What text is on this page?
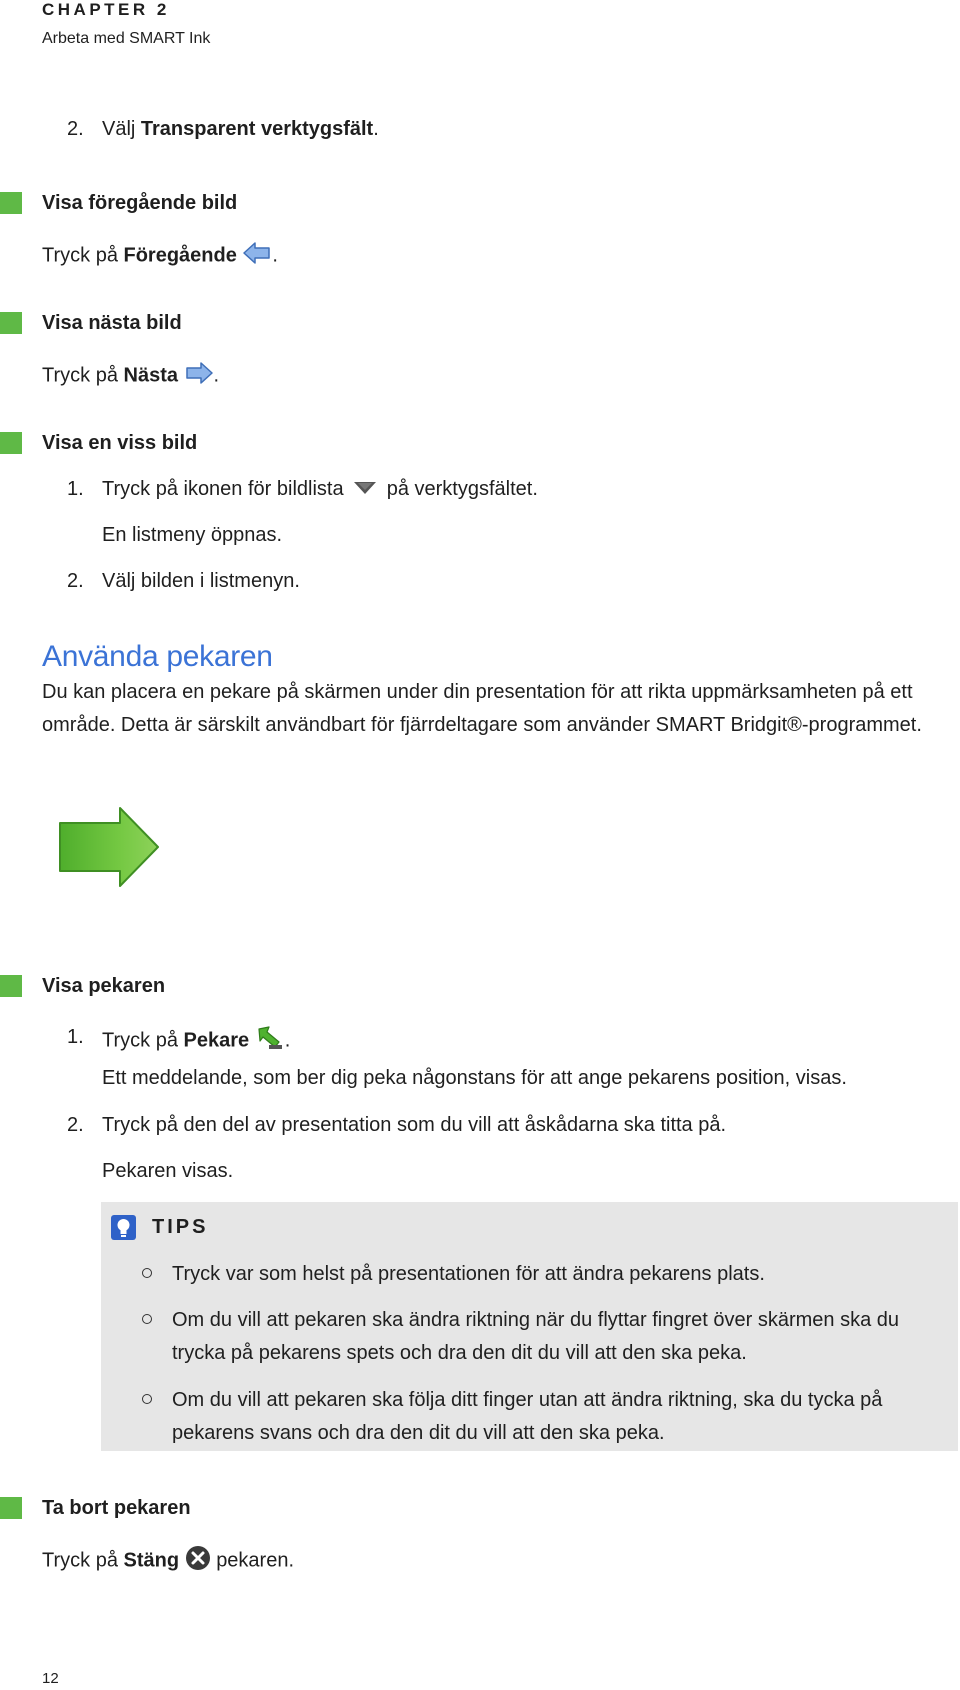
CHAPTER 2
Arbeta med SMART Ink
2. Välj Transparent verktygsfält.
Visa föregående bild
Tryck på Föregående .
Visa nästa bild
Tryck på Nästa .
Visa en viss bild
1. Tryck på ikonen för bildlista på verktygsfältet.
En listmeny öppnas.
2. Välj bilden i listmenyn.
Använda pekaren
Du kan placera en pekare på skärmen under din presentation för att rikta uppmärksamheten på ett område. Detta är särskilt användbart för fjärrdeltagare som använder SMART Bridgit®-programmet.
Visa pekaren
1. Tryck på Pekare .
Ett meddelande, som ber dig peka någonstans för att ange pekarens position, visas.
2. Tryck på den del av presentation som du vill att åskådarna ska titta på.
Pekaren visas.
TIPS
Tryck var som helst på presentationen för att ändra pekarens plats.
Om du vill att pekaren ska ändra riktning när du flyttar fingret över skärmen ska du
trycka på pekarens spets och dra den dit du vill att den ska peka.
Om du vill att pekaren ska följa ditt finger utan att ändra riktning, ska du tycka på
pekarens svans och dra den dit du vill att den ska peka.
Ta bort pekaren
Tryck på Stäng pekaren.
12
